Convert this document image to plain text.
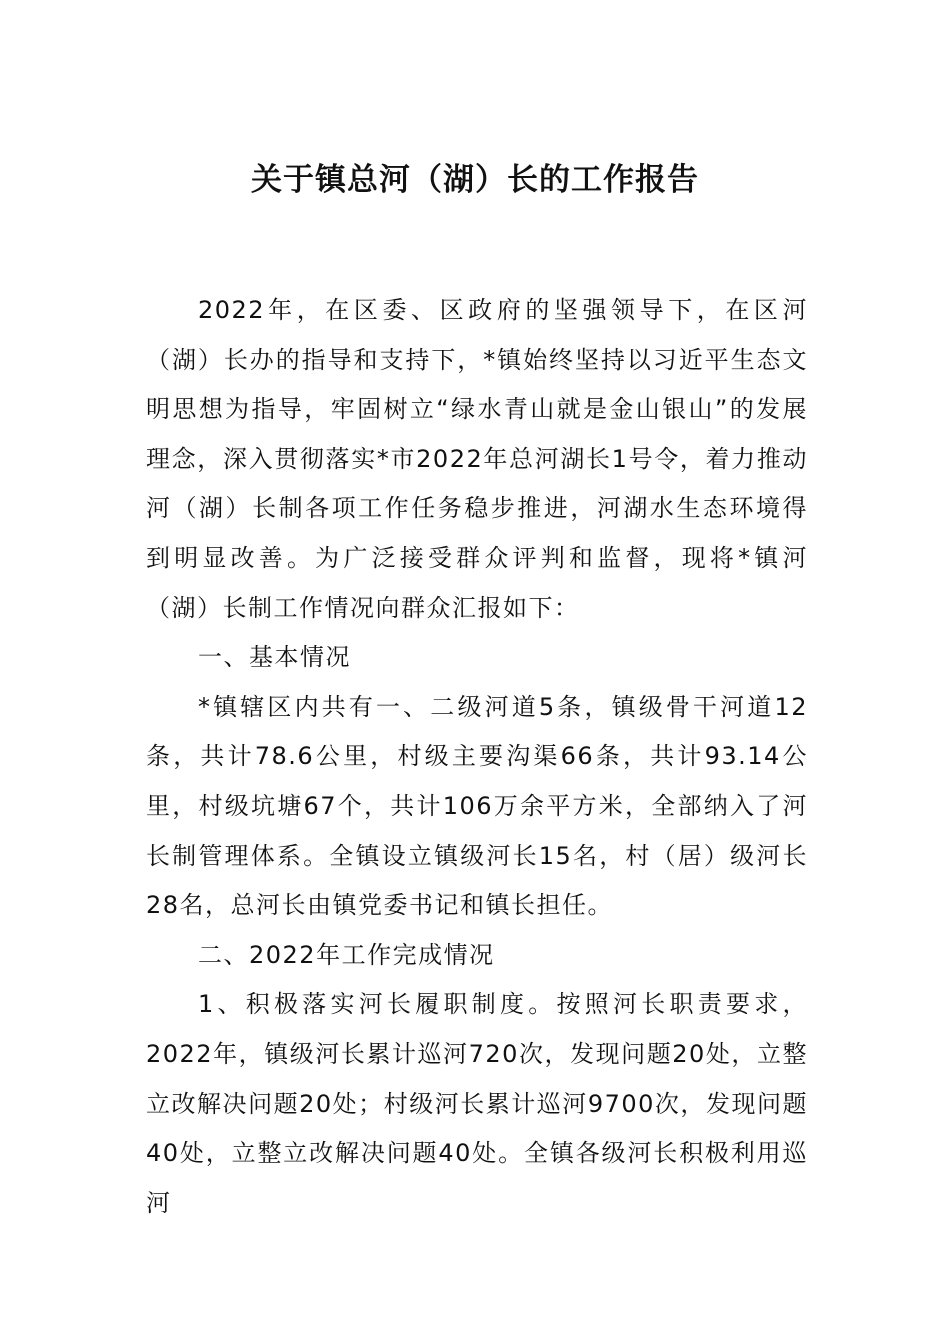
关于镇总河（湖）长的工作报告

2022年，在区委、区政府的坚强领导下，在区河（湖）长办的指导和支持下，*镇始终坚持以习近平生态文明思想为指导，牢固树立“绿水青山就是金山银山”的发展理念，深入贯彻落实*市2022年总河湖长1号令，着力推动河（湖）长制各项工作任务稳步推进，河湖水生态环境得到明显改善。为广泛接受群众评判和监督，现将*镇河（湖）长制工作情况向群众汇报如下：

一、基本情况

*镇辖区内共有一、二级河道5条，镇级骨干河道12条，共计78.6公里，村级主要沟渠66条，共计93.14公里，村级坑塘67个，共计106万余平方米，全部纳入了河长制管理体系。全镇设立镇级河长15名，村（居）级河长28名，总河长由镇党委书记和镇长担任。

二、2022年工作完成情况

1、积极落实河长履职制度。按照河长职责要求，2022年，镇级河长累计巡河720次，发现问题20处，立整立改解决问题20处；村级河长累计巡河9700次，发现问题40处，立整立改解决问题40处。全镇各级河长积极利用巡河
